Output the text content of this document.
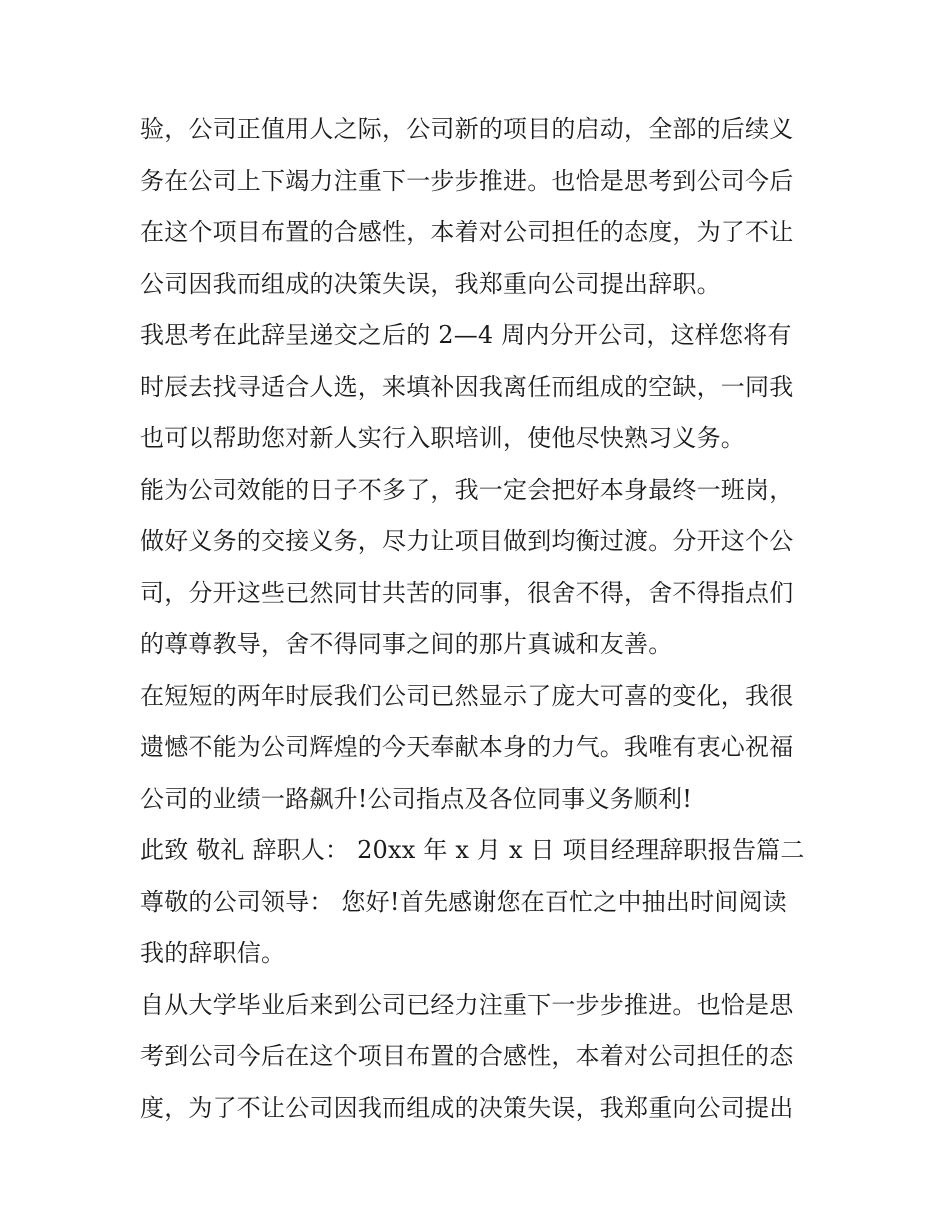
验，公司正值用人之际，公司新的项目的启动，全部的后续义
务在公司上下竭力注重下一步步推进。也恰是思考到公司今后
在这个项目布置的合感性，本着对公司担任的态度，为了不让
公司因我而组成的决策失误，我郑重向公司提出辞职。
我思考在此辞呈递交之后的 2—4 周内分开公司，这样您将有
时辰去找寻适合人选，来填补因我离任而组成的空缺，一同我
也可以帮助您对新人实行入职培训，使他尽快熟习义务。
能为公司效能的日子不多了，我一定会把好本身最终一班岗，
做好义务的交接义务，尽力让项目做到均衡过渡。分开这个公
司，分开这些已然同甘共苦的同事，很舍不得，舍不得指点们
的尊尊教导，舍不得同事之间的那片真诚和友善。
在短短的两年时辰我们公司已然显示了庞大可喜的变化，我很
遗憾不能为公司辉煌的今天奉献本身的力气。我唯有衷心祝福
公司的业绩一路飙升!公司指点及各位同事义务顺利!
此致 敬礼 辞职人： 20xx 年 x 月 x 日 项目经理辞职报告篇二
尊敬的公司领导： 您好!首先感谢您在百忙之中抽出时间阅读
我的辞职信。
自从大学毕业后来到公司已经力注重下一步步推进。也恰是思
考到公司今后在这个项目布置的合感性，本着对公司担任的态
度，为了不让公司因我而组成的决策失误，我郑重向公司提出
